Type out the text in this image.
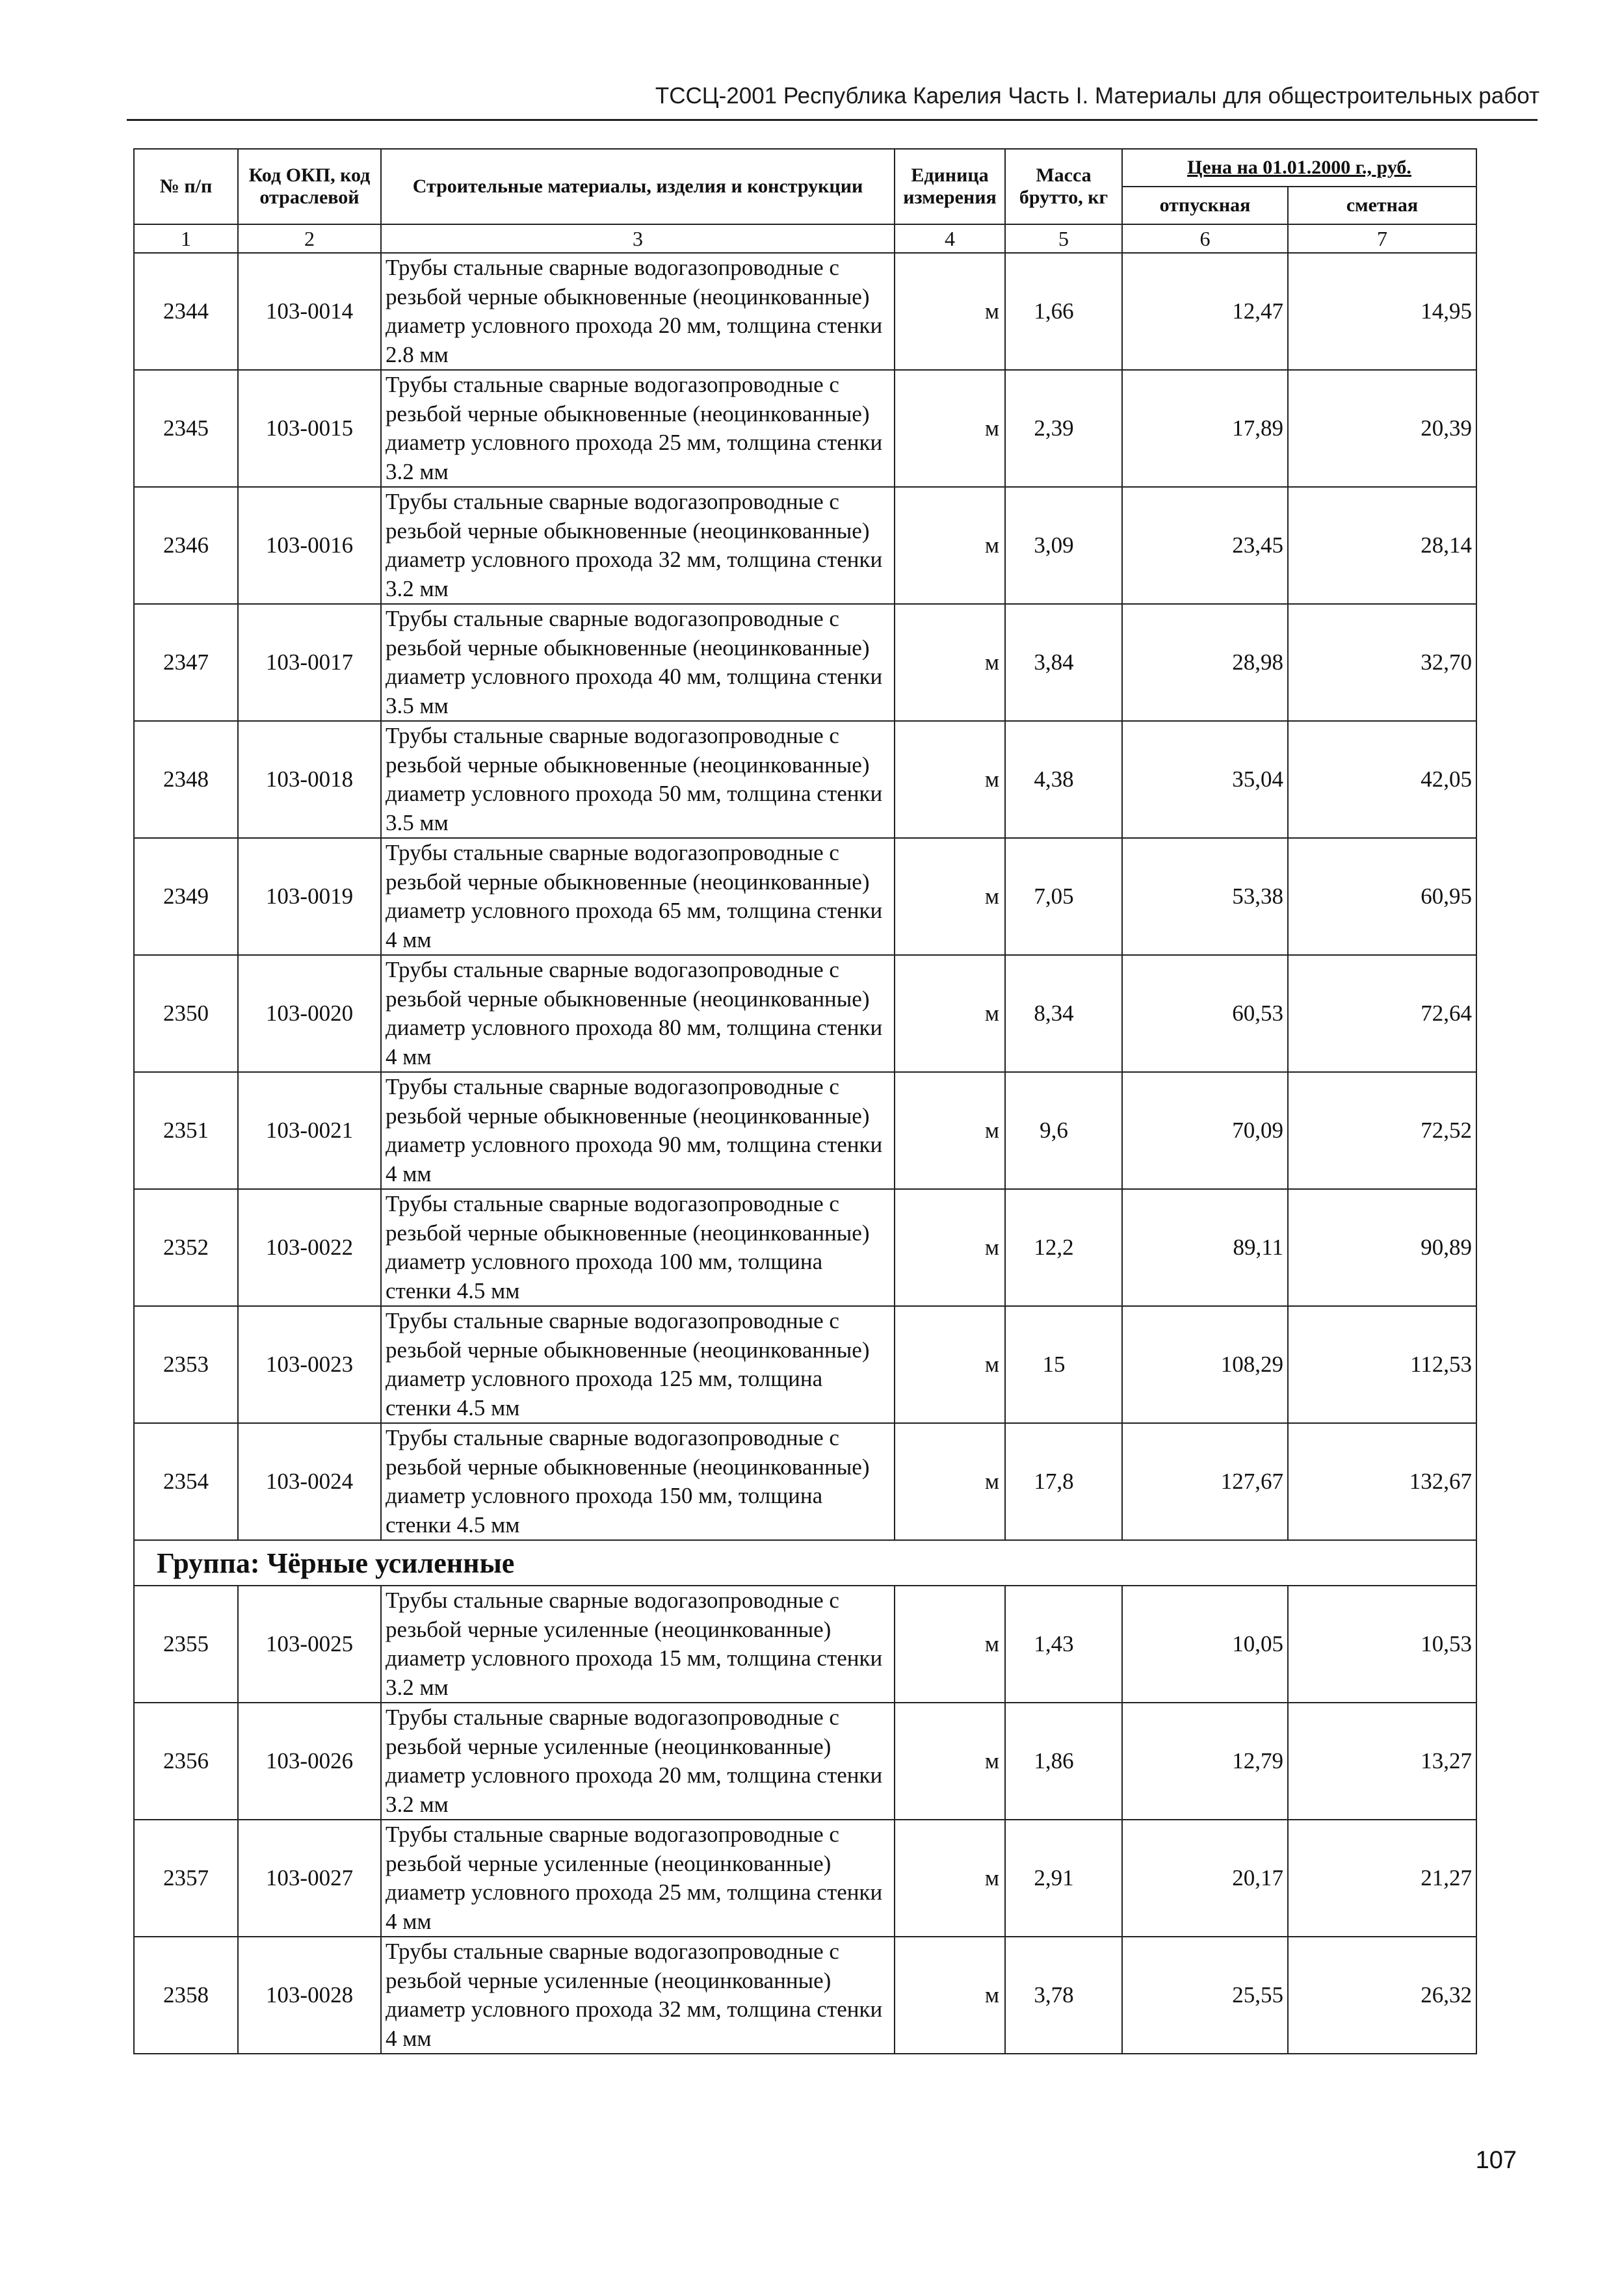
ТССЦ-2001 Республика Карелия Часть I. Материалы для общестроительных работ
№ п/п	Код ОКП, код отраслевой	Строительные материалы, изделия и конструкции	Единица измерения	Масса брутто, кг	Цена на 01.01.2000 г., руб.	
					отпускная	сметная
1	2	3	4	5	6	7
2344	103-0014	Трубы стальные сварные водогазопроводные с резьбой черные обыкновенные (неоцинкованные) диаметр условного прохода 20 мм, толщина стенки 2.8 мм	м	1,66	12,47	14,95
2345	103-0015	Трубы стальные сварные водогазопроводные с резьбой черные обыкновенные (неоцинкованные) диаметр условного прохода 25 мм, толщина стенки 3.2 мм	м	2,39	17,89	20,39
2346	103-0016	Трубы стальные сварные водогазопроводные с резьбой черные обыкновенные (неоцинкованные) диаметр условного прохода 32 мм, толщина стенки 3.2 мм	м	3,09	23,45	28,14
2347	103-0017	Трубы стальные сварные водогазопроводные с резьбой черные обыкновенные (неоцинкованные) диаметр условного прохода 40 мм, толщина стенки 3.5 мм	м	3,84	28,98	32,70
2348	103-0018	Трубы стальные сварные водогазопроводные с резьбой черные обыкновенные (неоцинкованные) диаметр условного прохода 50 мм, толщина стенки 3.5 мм	м	4,38	35,04	42,05
2349	103-0019	Трубы стальные сварные водогазопроводные с резьбой черные обыкновенные (неоцинкованные) диаметр условного прохода 65 мм, толщина стенки 4 мм	м	7,05	53,38	60,95
2350	103-0020	Трубы стальные сварные водогазопроводные с резьбой черные обыкновенные (неоцинкованные) диаметр условного прохода 80 мм, толщина стенки 4 мм	м	8,34	60,53	72,64
2351	103-0021	Трубы стальные сварные водогазопроводные с резьбой черные обыкновенные (неоцинкованные) диаметр условного прохода 90 мм, толщина стенки 4 мм	м	9,6	70,09	72,52
2352	103-0022	Трубы стальные сварные водогазопроводные с резьбой черные обыкновенные (неоцинкованные) диаметр условного прохода 100 мм, толщина стенки 4.5 мм	м	12,2	89,11	90,89
2353	103-0023	Трубы стальные сварные водогазопроводные с резьбой черные обыкновенные (неоцинкованные) диаметр условного прохода 125 мм, толщина стенки 4.5 мм	м	15	108,29	112,53
2354	103-0024	Трубы стальные сварные водогазопроводные с резьбой черные обыкновенные (неоцинкованные) диаметр условного прохода 150 мм, толщина стенки 4.5 мм	м	17,8	127,67	132,67
Группа: Чёрные усиленные						
2355	103-0025	Трубы стальные сварные водогазопроводные с резьбой черные усиленные (неоцинкованные) диаметр условного прохода 15 мм, толщина стенки 3.2 мм	м	1,43	10,05	10,53
2356	103-0026	Трубы стальные сварные водогазопроводные с резьбой черные усиленные (неоцинкованные) диаметр условного прохода 20 мм, толщина стенки 3.2 мм	м	1,86	12,79	13,27
2357	103-0027	Трубы стальные сварные водогазопроводные с резьбой черные усиленные (неоцинкованные) диаметр условного прохода 25 мм, толщина стенки 4 мм	м	2,91	20,17	21,27
2358	103-0028	Трубы стальные сварные водогазопроводные с резьбой черные усиленные (неоцинкованные) диаметр условного прохода 32 мм, толщина стенки 4 мм	м	3,78	25,55	26,32
107
